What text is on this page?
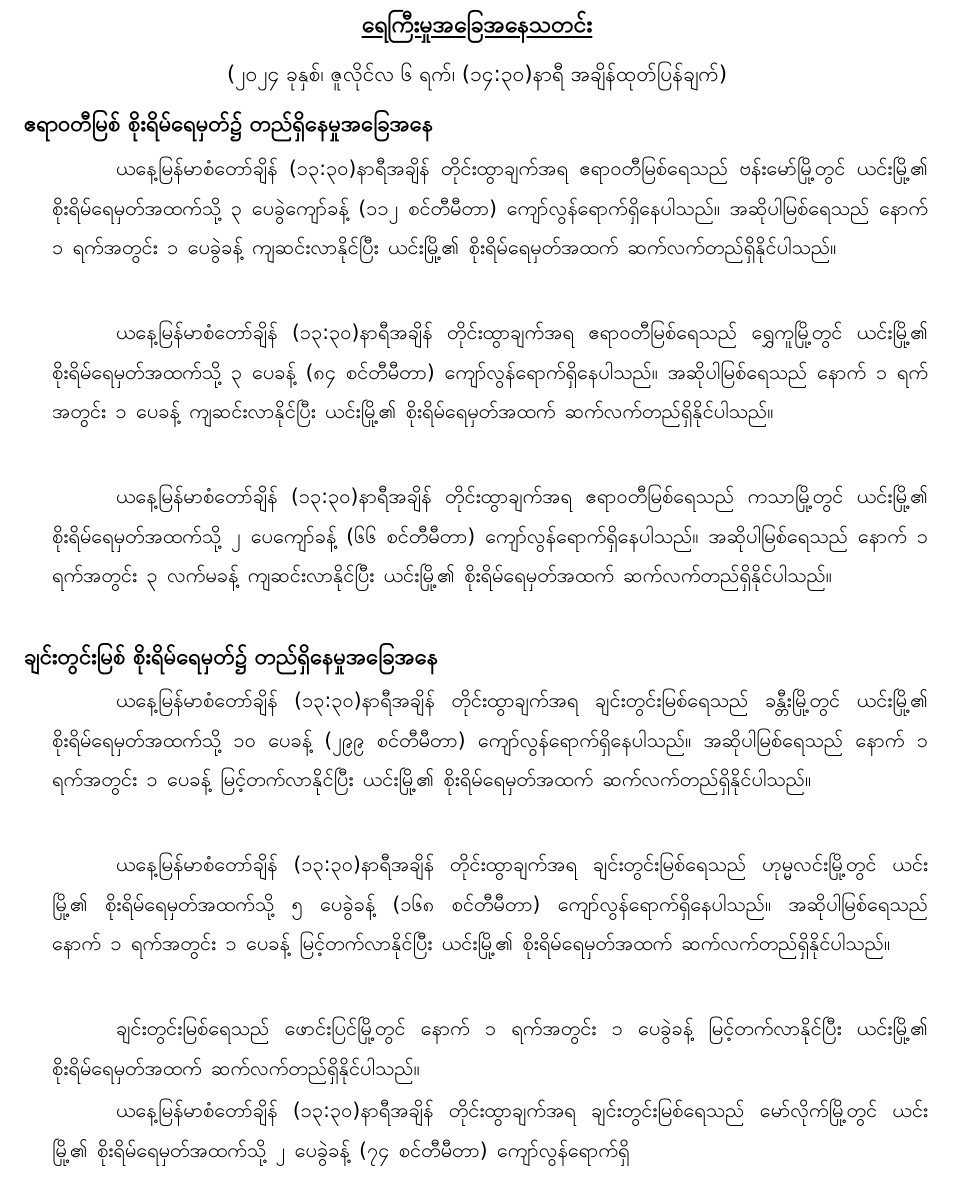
ရေကြီးမှုအခြေအနေသတင်း
(၂၀၂၄ ခုနှစ်၊ ဇူလိုင်လ ၆ ရက်၊ (၁၄:၃၀)နာရီ အချိန်ထုတ်ပြန်ချက်)
ဧရာဝတီမြစ် စိုးရိမ်ရေမှတ်၌ တည်ရှိနေမှုအခြေအနေ
ယနေ့မြန်မာစံတော်ချိန် (၁၃:၃၀)နာရီအချိန် တိုင်းထွာချက်အရ ဧရာဝတီမြစ်ရေသည် ဗန်းမော်မြို့တွင် ယင်းမြို့၏ စိုးရိမ်ရေမှတ်အထက်သို့ ၃ ပေခွဲကျော်ခန့် (၁၁၂ စင်တီမီတာ) ကျော်လွန်ရောက်ရှိနေပါသည်။ အဆိုပါမြစ်ရေသည် နောက် ၁ ရက်အတွင်း ၁ ပေခွဲခန့် ကျဆင်းလာနိုင်ပြီး ယင်းမြို့၏ စိုးရိမ်ရေမှတ်အထက် ဆက်လက်တည်ရှိနိုင်ပါသည်။
ယနေ့မြန်မာစံတော်ချိန် (၁၃:၃၀)နာရီအချိန် တိုင်းထွာချက်အရ ဧရာဝတီမြစ်ရေသည် ရွှေကူမြို့တွင် ယင်းမြို့၏ စိုးရိမ်ရေမှတ်အထက်သို့ ၃ ပေခန့် (၈၄ စင်တီမီတာ) ကျော်လွန်ရောက်ရှိနေပါသည်။ အဆိုပါမြစ်ရေသည် နောက် ၁ ရက်အတွင်း ၁ ပေခန့် ကျဆင်းလာနိုင်ပြီး ယင်းမြို့၏ စိုးရိမ်ရေမှတ်အထက် ဆက်လက်တည်ရှိနိုင်ပါသည်။
ယနေ့မြန်မာစံတော်ချိန် (၁၃:၃၀)နာရီအချိန် တိုင်းထွာချက်အရ ဧရာဝတီမြစ်ရေသည် ကသာမြို့တွင် ယင်းမြို့၏ စိုးရိမ်ရေမှတ်အထက်သို့ ၂ ပေကျော်ခန့် (၆၆ စင်တီမီတာ) ကျော်လွန်ရောက်ရှိနေပါသည်။ အဆိုပါမြစ်ရေသည် နောက် ၁ ရက်အတွင်း ၃ လက်မခန့် ကျဆင်းလာနိုင်ပြီး ယင်းမြို့၏ စိုးရိမ်ရေမှတ်အထက် ဆက်လက်တည်ရှိနိုင်ပါသည်။
ချင်းတွင်းမြစ် စိုးရိမ်ရေမှတ်၌ တည်ရှိနေမှုအခြေအနေ
ယနေ့မြန်မာစံတော်ချိန် (၁၃:၃၀)နာရီအချိန် တိုင်းထွာချက်အရ ချင်းတွင်းမြစ်ရေသည် ခန္တီးမြို့တွင် ယင်းမြို့၏ စိုးရိမ်ရေမှတ်အထက်သို့ ၁၀ ပေခန့် (၂၉၉ စင်တီမီတာ) ကျော်လွန်ရောက်ရှိနေပါသည်။ အဆိုပါမြစ်ရေသည် နောက် ၁ ရက်အတွင်း ၁ ပေခန့် မြင့်တက်လာနိုင်ပြီး ယင်းမြို့၏ စိုးရိမ်ရေမှတ်အထက် ဆက်လက်တည်ရှိနိုင်ပါသည်။
ယနေ့မြန်မာစံတော်ချိန် (၁၃:၃၀)နာရီအချိန် တိုင်းထွာချက်အရ ချင်းတွင်းမြစ်ရေသည် ဟုမ္မလင်းမြို့တွင် ယင်းမြို့၏ စိုးရိမ်ရေမှတ်အထက်သို့ ၅ ပေခွဲခန့် (၁၆၈ စင်တီမီတာ) ကျော်လွန်ရောက်ရှိနေပါသည်။ အဆိုပါမြစ်ရေသည် နောက် ၁ ရက်အတွင်း ၁ ပေခန့် မြင့်တက်လာနိုင်ပြီး ယင်းမြို့၏ စိုးရိမ်ရေမှတ်အထက် ဆက်လက်တည်ရှိနိုင်ပါသည်။
ချင်းတွင်းမြစ်ရေသည် ဖောင်းပြင်မြို့တွင် နောက် ၁ ရက်အတွင်း ၁ ပေခွဲခန့် မြင့်တက်လာနိုင်ပြီး ယင်းမြို့၏ စိုးရိမ်ရေမှတ်အထက် ဆက်လက်တည်ရှိနိုင်ပါသည်။
ယနေ့မြန်မာစံတော်ချိန် (၁၃:၃၀)နာရီအချိန် တိုင်းထွာချက်အရ ချင်းတွင်းမြစ်ရေသည် မော်လိုက်မြို့တွင် ယင်းမြို့၏ စိုးရိမ်ရေမှတ်အထက်သို့ ၂ ပေခွဲခန့် (၇၄ စင်တီမီတာ) ကျော်လွန်ရောက်ရှိ
